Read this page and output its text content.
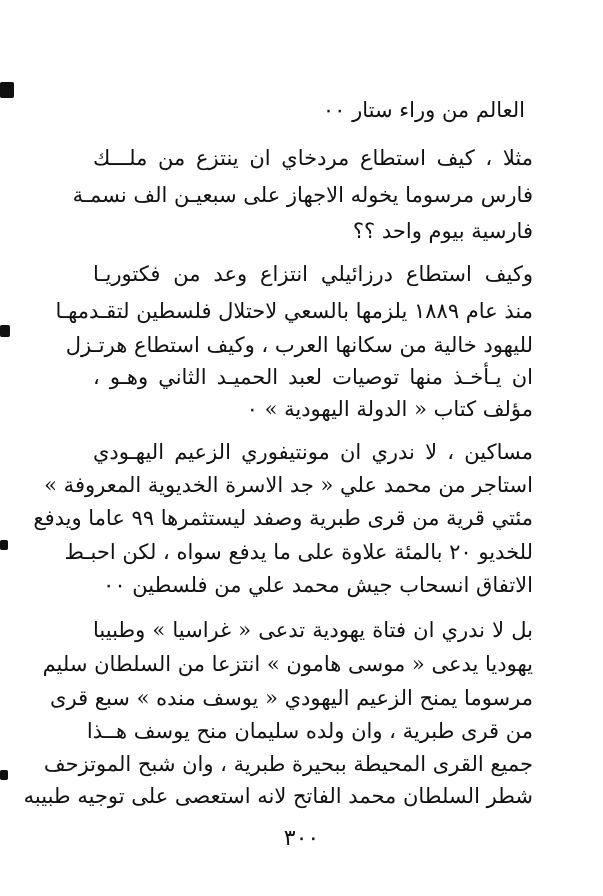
العالم من وراء ستار ٠٠
مثلا ، كيف استطاع مردخاي ان ينتزع من ملـــك
فارس مرسوما يخوله الاجهاز على سبعيـن الف نسمـة
فارسية بيوم واحد ؟؟
وكيف استطاع درزائيلي انتزاع وعد من فكتوريـا
منذ عام ١٨٨٩ يلزمها بالسعي لاحتلال فلسطين لتقـدمهـا
لليهود خالية من سكانها العرب ، وكيف استطاع هرتـزل
ان يـأخـذ منها توصيات لعبد الحميـد الثاني وهـو ،
مؤلف كتاب « الدولة اليهودية » ٠
مساكين ، لا ندري ان مونتيفوري الزعيم اليهـودي
استاجر من محمد علي « جد الاسرة الخديوية المعروفة »
مئتي قرية من قرى طبرية وصفد ليستثمرها ٩٩ عاما ويدفع
للخديو ٢٠ بالمئة علاوة على ما يدفع سواه ، لكن احبـط
الاتفاق انسحاب جيش محمد علي من فلسطين ٠٠
بل لا ندري ان فتاة يهودية تدعى « غراسيا » وطبيبا
يهوديا يدعى « موسى هامون » انتزعا من السلطان سليم
مرسوما يمنح الزعيم اليهودي « يوسف منده » سبع قرى
من قرى طبرية ، وان ولده سليمان منح يوسف هــذا
جميع القرى المحيطة ببحيرة طبرية ، وان شبح الموتزحف
شطر السلطان محمد الفاتح لانه استعصى على توجيه طبيبه
٣٠٠
